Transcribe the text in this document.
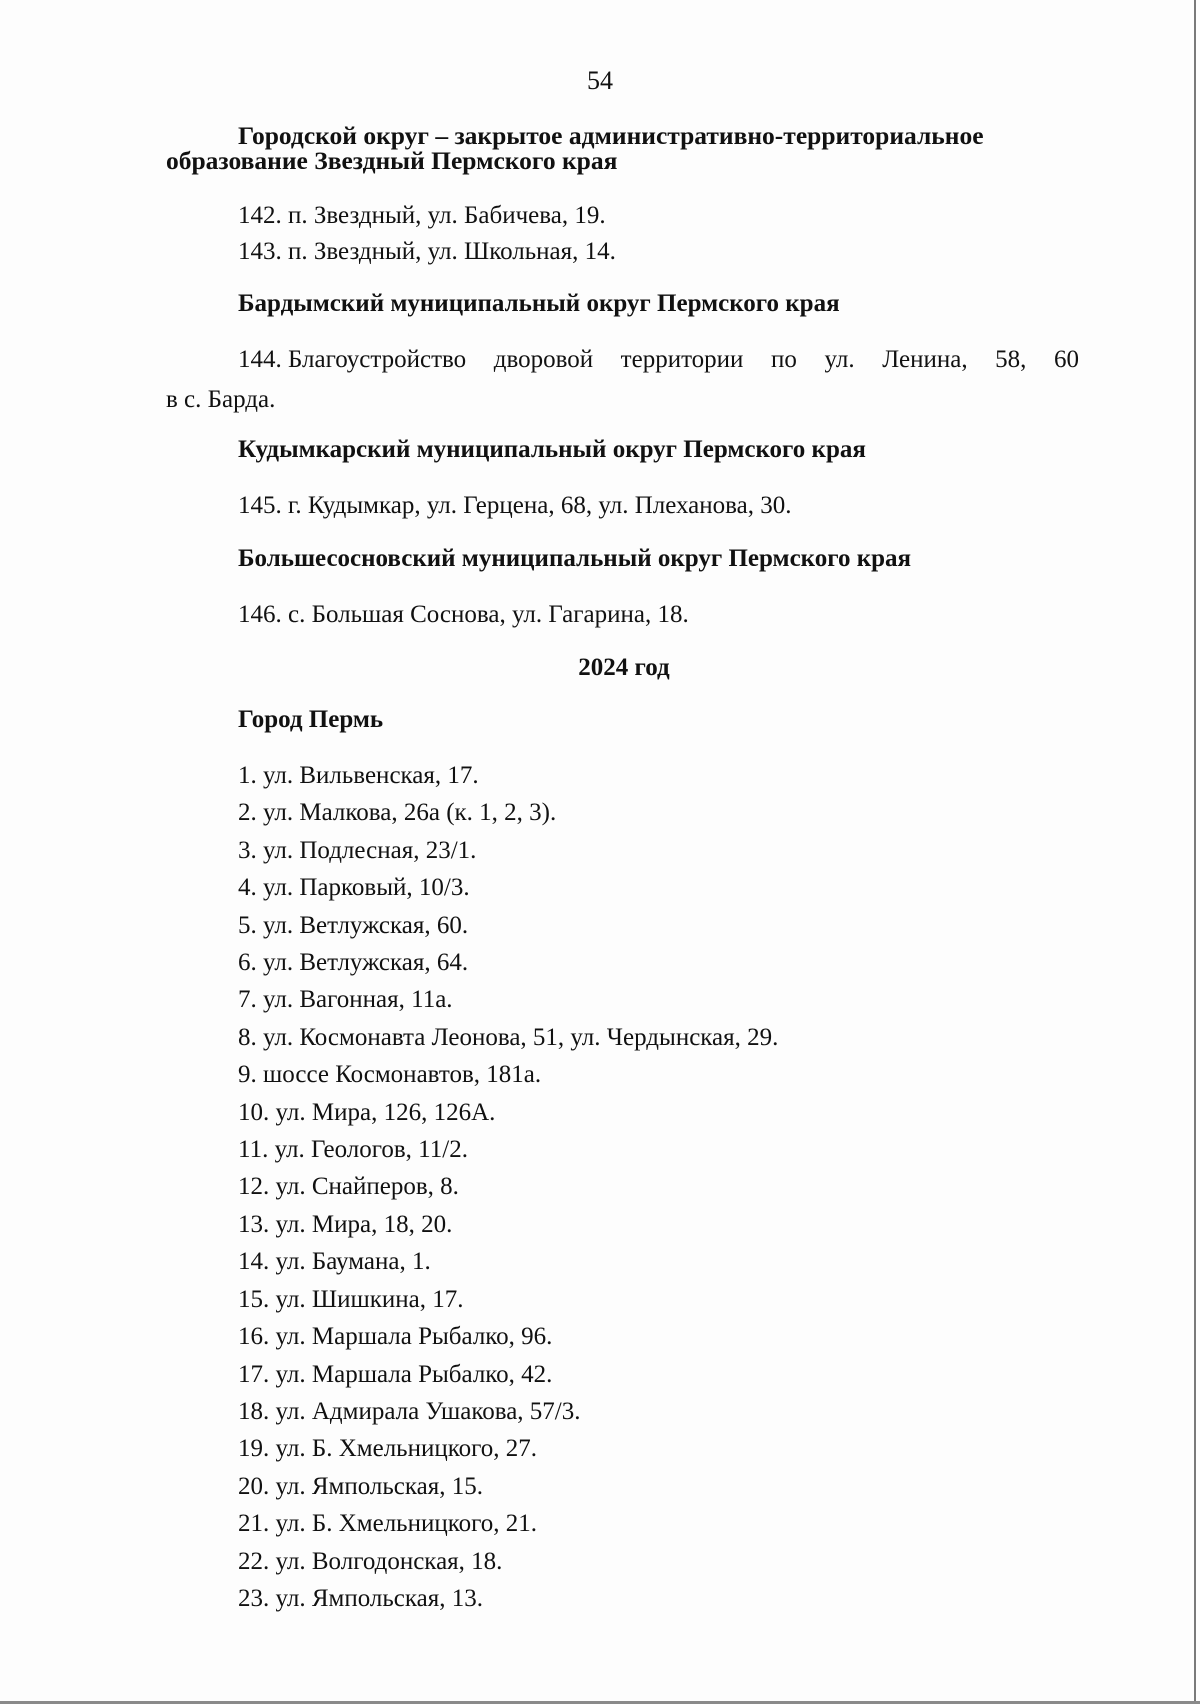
54
Городской округ – закрытое административно-территориальное
образование Звездный Пермского края
142. п. Звездный, ул. Бабичева, 19.
143. п. Звездный, ул. Школьная, 14.
Бардымский муниципальный округ Пермского края
144. Благоустройство дворовой территории по ул. Ленина, 58, 60
в с. Барда.
Кудымкарский муниципальный округ Пермского края
145. г. Кудымкар, ул. Герцена, 68, ул. Плеханова, 30.
Большесосновский муниципальный округ Пермского края
146. с. Большая Соснова, ул. Гагарина, 18.
2024 год
Город Пермь
1. ул. Вильвенская, 17.
2. ул. Малкова, 26а (к. 1, 2, 3).
3. ул. Подлесная, 23/1.
4. ул. Парковый, 10/3.
5. ул. Ветлужская, 60.
6. ул. Ветлужская, 64.
7. ул. Вагонная, 11а.
8. ул. Космонавта Леонова, 51, ул. Чердынская, 29.
9. шоссе Космонавтов, 181а.
10. ул. Мира, 126, 126А.
11. ул. Геологов, 11/2.
12. ул. Снайперов, 8.
13. ул. Мира, 18, 20.
14. ул. Баумана, 1.
15. ул. Шишкина, 17.
16. ул. Маршала Рыбалко, 96.
17. ул. Маршала Рыбалко, 42.
18. ул. Адмирала Ушакова, 57/3.
19. ул. Б. Хмельницкого, 27.
20. ул. Ямпольская, 15.
21. ул. Б. Хмельницкого, 21.
22. ул. Волгодонская, 18.
23. ул. Ямпольская, 13.
